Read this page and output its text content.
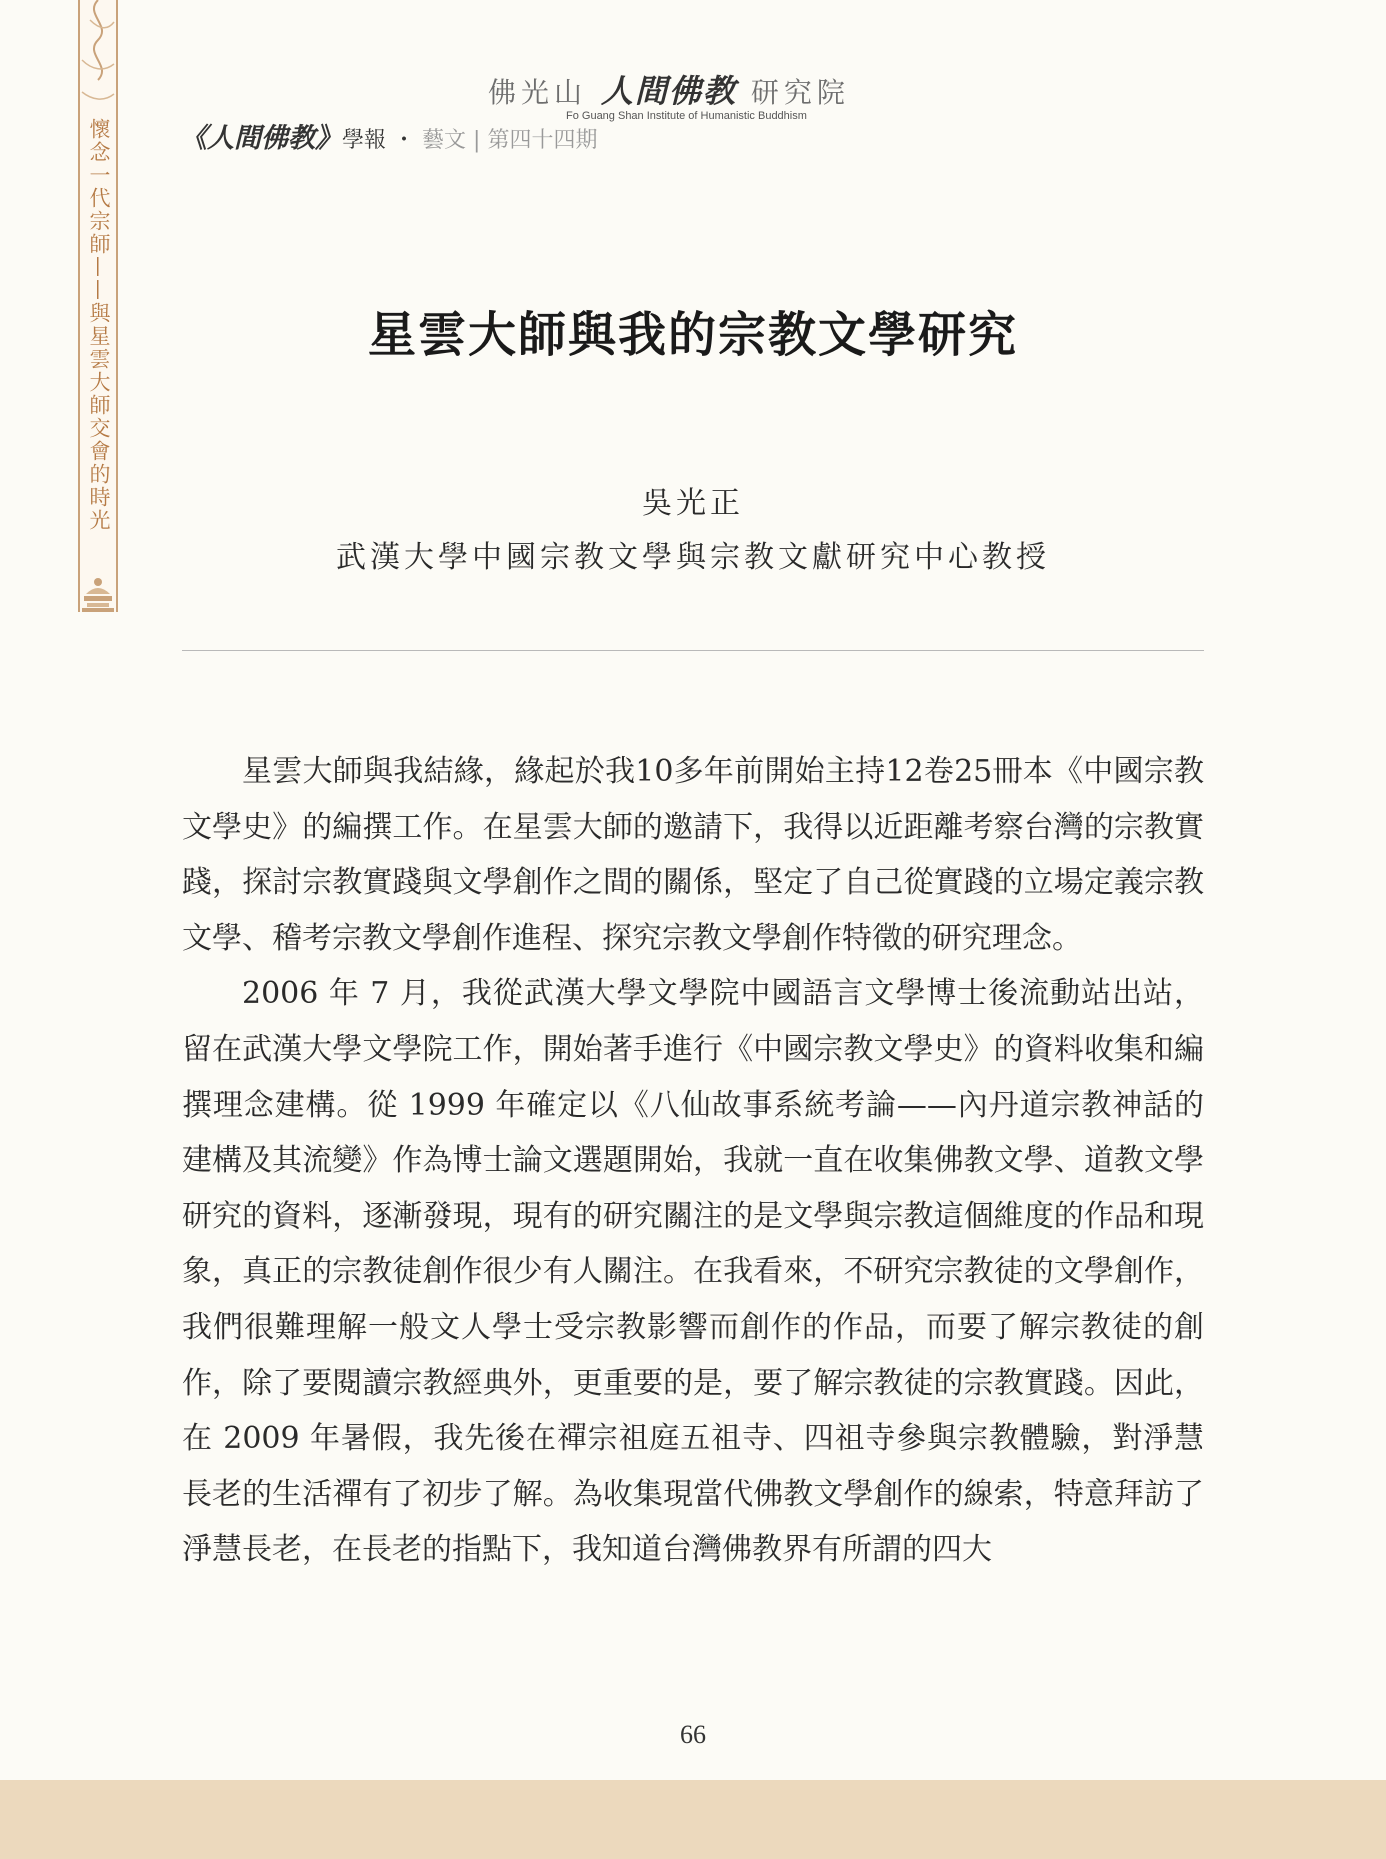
懷念一代宗師——與星雲大師交會的時光
佛光山 人間佛教 研究院
Fo Guang Shan Institute of Humanistic Buddhism
《人間佛教》學報 ・ 藝文 | 第四十四期
星雲大師與我的宗教文學研究
吳光正
武漢大學中國宗教文學與宗教文獻研究中心教授

星雲大師與我結緣，緣起於我10多年前開始主持12卷25冊本《中國宗教文學史》的編撰工作。在星雲大師的邀請下，我得以近距離考察台灣的宗教實踐，探討宗教實踐與文學創作之間的關係，堅定了自己從實踐的立場定義宗教文學、稽考宗教文學創作進程、探究宗教文學創作特徵的研究理念。

2006 年 7 月，我從武漢大學文學院中國語言文學博士後流動站出站，留在武漢大學文學院工作，開始著手進行《中國宗教文學史》的資料收集和編撰理念建構。從 1999 年確定以《八仙故事系統考論——內丹道宗教神話的建構及其流變》作為博士論文選題開始，我就一直在收集佛教文學、道教文學研究的資料，逐漸發現，現有的研究關注的是文學與宗教這個維度的作品和現象，真正的宗教徒創作很少有人關注。在我看來，不研究宗教徒的文學創作，我們很難理解一般文人學士受宗教影響而創作的作品，而要了解宗教徒的創作，除了要閱讀宗教經典外，更重要的是，要了解宗教徒的宗教實踐。因此，在 2009 年暑假，我先後在禪宗祖庭五祖寺、四祖寺參與宗教體驗，對淨慧長老的生活禪有了初步了解。為收集現當代佛教文學創作的線索，特意拜訪了淨慧長老，在長老的指點下，我知道台灣佛教界有所謂的四大

66
